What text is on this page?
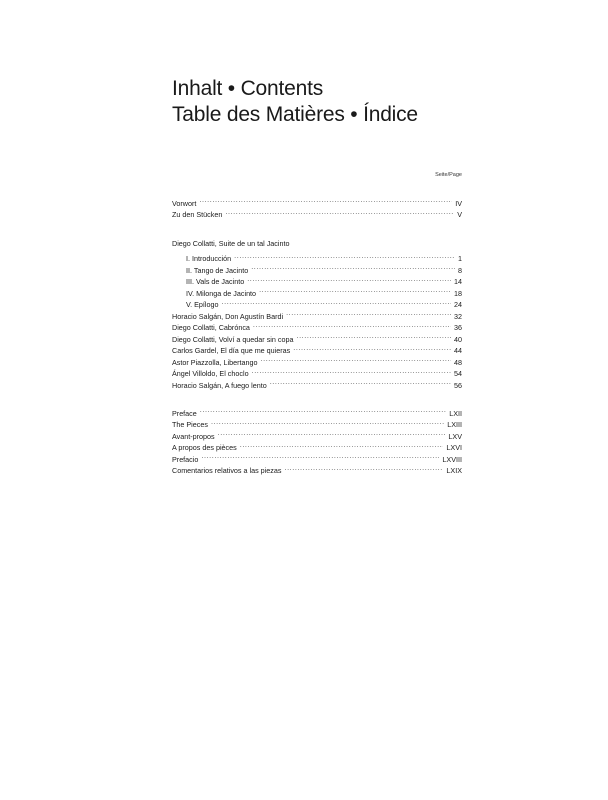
Inhalt • Contents
Table des Matières • Índice
Seite/Page
Vorwort .....	IV
Zu den Stücken .....	V
Diego Collatti, Suite de un tal Jacinto
I. Introducción .....	1
II. Tango de Jacinto .....	8
III. Vals de Jacinto .....	14
IV. Milonga de Jacinto .....	18
V. Epílogo .....	24
Horacio Salgán, Don Agustín Bardi .....	32
Diego Collatti, Cabrónca .....	36
Diego Collatti, Volví a quedar sin copa .....	40
Carlos Gardel, El día que me quieras .....	44
Astor Piazzolla, Libertango .....	48
Ángel Villoldo, El choclo .....	54
Horacio Salgán, A fuego lento .....	56
Preface .....	LXII
The Pieces .....	LXIII
Avant-propos .....	LXV
A propos des pièces .....	LXVI
Prefacio .....	LXVIII
Comentarios relativos a las piezas .....	LXIX
